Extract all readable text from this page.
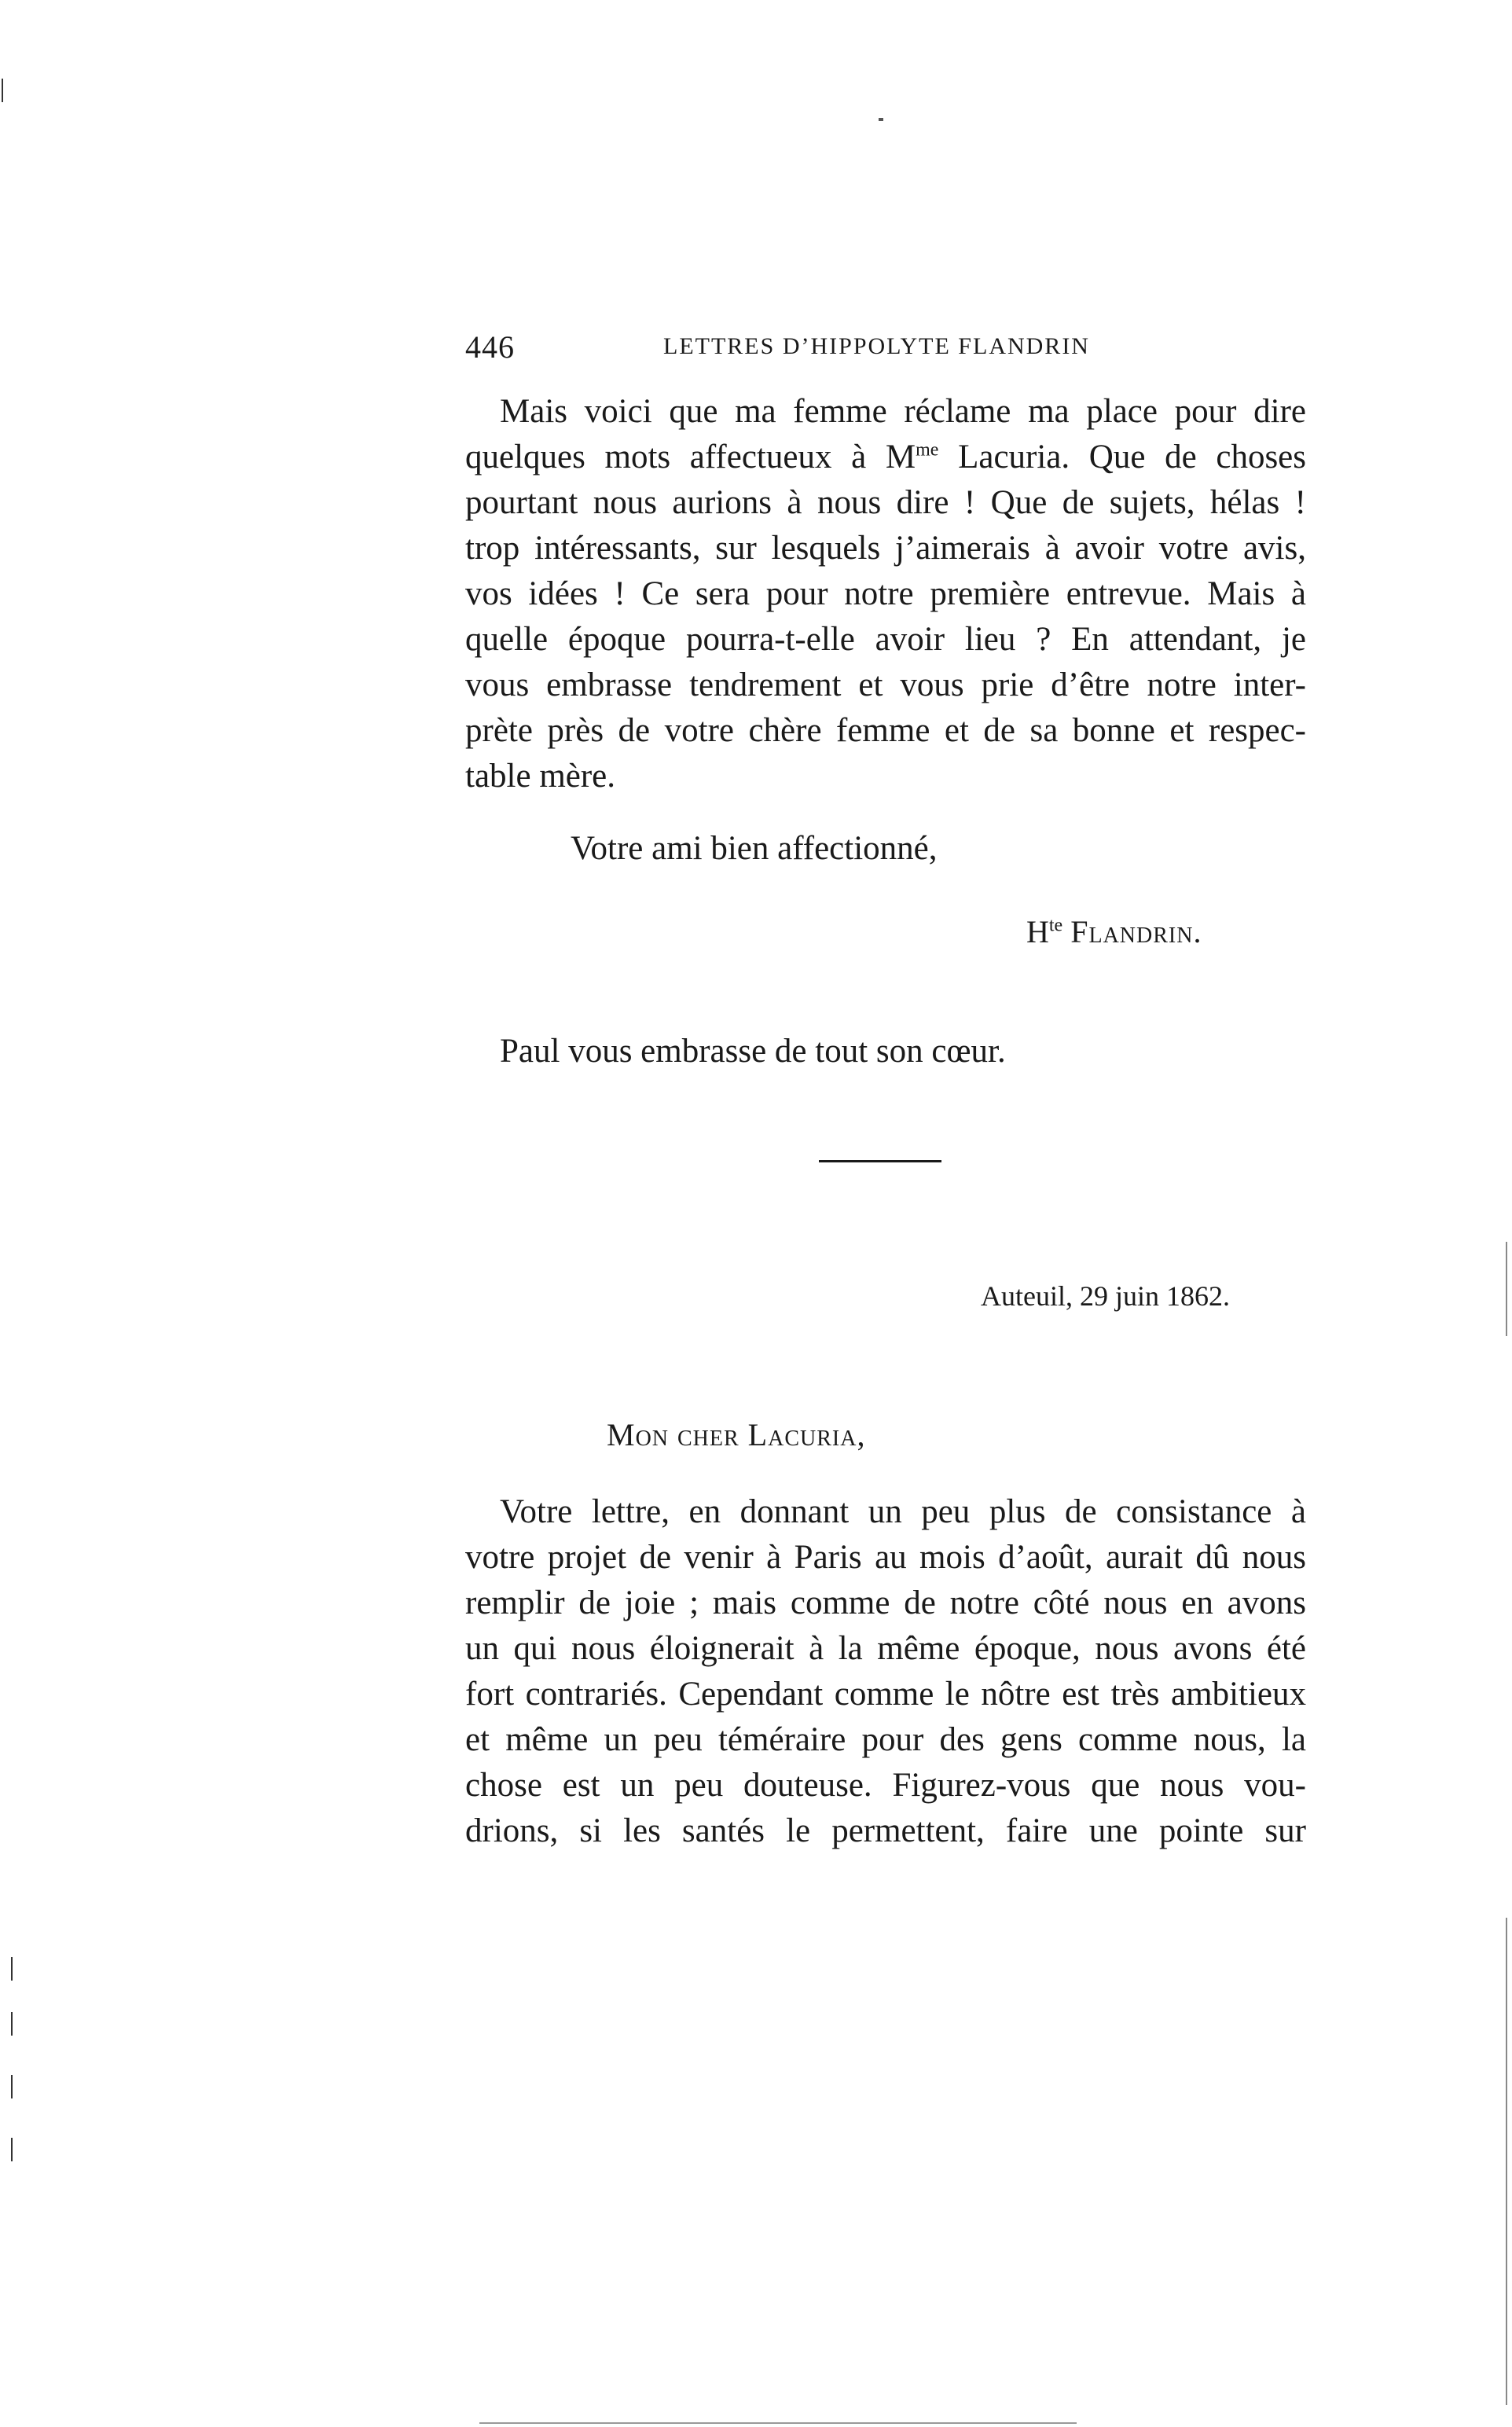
446	LETTRES D’HIPPOLYTE FLANDRIN
Mais voici que ma femme réclame ma place pour dire
quelques mots affectueux à $M^{me}$ Lacuria. Que de choses
pourtant nous aurions à nous dire ! Que de sujets, hélas !
trop intéressants, sur lesquels j’aimerais à avoir votre avis,
vos idées ! Ce sera pour notre première entrevue. Mais à
quelle époque pourra-t-elle avoir lieu ? En attendant, je
vous embrasse tendrement et vous prie d’être notre inter-
prète près de votre chère femme et de sa bonne et respec-
table mère.
Votre ami bien affectionné,
$H^{te}$ Flandrin.
Paul vous embrasse de tout son cœur.
Auteuil, 29 juin 1862.
Mon cher Lacuria,
Votre lettre, en donnant un peu plus de consistance à
votre projet de venir à Paris au mois d’août, aurait dû nous
remplir de joie ; mais comme de notre côté nous en avons
un qui nous éloignerait à la même époque, nous avons été
fort contrariés. Cependant comme le nôtre est très ambitieux
et même un peu téméraire pour des gens comme nous, la
chose est un peu douteuse. Figurez-vous que nous vou-
drions, si les santés le permettent, faire une pointe sur
